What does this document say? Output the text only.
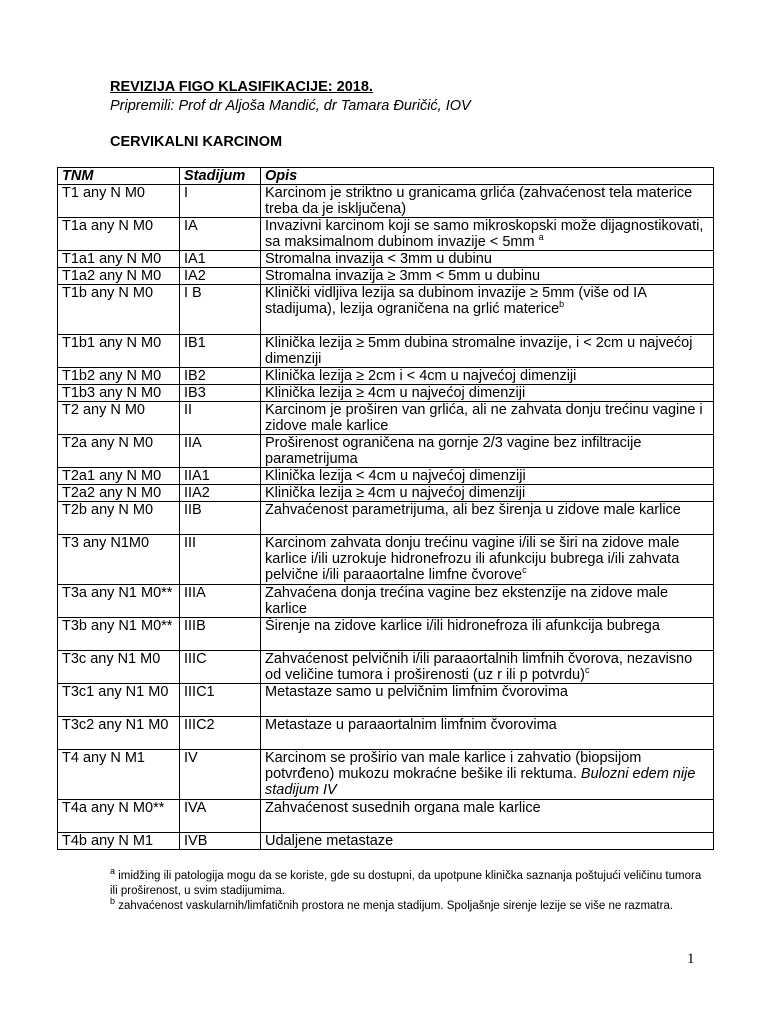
REVIZIJA FIGO KLASIFIKACIJE: 2018.
Pripremili: Prof dr Aljoša Mandić, dr Tamara Đuričić, IOV
CERVIKALNI KARCINOM
TNM	Stadijum	Opis
T1 any N M0	I	Karcinom je striktno u granicama grlića (zahvaćenost tela materice treba da je isključena)
T1a any N M0	IA	Invazivni karcinom koji se samo mikroskopski može dijagnostikovati, sa maksimalnom dubinom invazije < 5mm $^a$
T1a1 any N M0	IA1	Stromalna invazija < 3mm u dubinu
T1a2 any N M0	IA2	Stromalna invazija ≥ 3mm < 5mm u dubinu
T1b any N M0	I B	Klinički vidljiva lezija sa dubinom invazije ≥ 5mm (više od IA stadijuma), lezija ograničena na grlić materice$^b$
T1b1 any N M0	IB1	Klinička lezija ≥ 5mm dubina stromalne invazije, i < 2cm u najvećoj dimenziji
T1b2 any N M0	IB2	Klinička lezija ≥ 2cm i < 4cm u najvećoj dimenziji
T1b3 any N M0	IB3	Klinička lezija ≥ 4cm u najvećoj dimenziji
T2 any N M0	II	Karcinom je proširen van grlića, ali ne zahvata donju trećinu vagine i zidove male karlice
T2a any N M0	IIA	Proširenost ograničena na gornje 2/3 vagine bez infiltracije parametrijuma
T2a1 any N M0	IIA1	Klinička lezija < 4cm u najvećoj dimenziji
T2a2 any N M0	IIA2	Klinička lezija ≥ 4cm u najvećoj dimenziji
T2b any N M0	IIB	Zahvaćenost parametrijuma, ali bez širenja u zidove male karlice
T3 any N1M0	III	Karcinom zahvata donju trećinu vagine i/ili se širi na zidove male karlice i/ili uzrokuje hidronefrozu ili afunkciju bubrega i/ili zahvata pelvične i/ili paraaortalne limfne čvorove$^c$
T3a any N1 M0**	IIIA	Zahvaćena donja trećina vagine bez ekstenzije na zidove male karlice
T3b any N1 M0**	IIIB	Širenje na zidove karlice i/ili hidronefroza ili afunkcija bubrega
T3c any N1 M0	IIIC	Zahvaćenost pelvičnih i/ili paraaortalnih limfnih čvorova, nezavisno od veličine tumora i proširenosti (uz r ili p potvrdu)$^c$
T3c1 any N1 M0	IIIC1	Metastaze samo u pelvičnim limfnim čvorovima
T3c2 any N1 M0	IIIC2	Metastaze u paraaortalnim limfnim čvorovima
T4 any N M1	IV	Karcinom se proširio van male karlice i zahvatio (biopsijom potvrđeno) mukozu mokraćne bešike ili rektuma. Bulozni edem nije stadijum IV
T4a any N M0**	IVA	Zahvaćenost susednih organa male karlice
T4b any N M1	IVB	Udaljene metastaze

$^a$ imidžing ili patologija mogu da se koriste, gde su dostupni, da upotpune klinička saznanja poštujući veličinu tumora ili proširenost, u svim stadijumima.

$^b$ zahvaćenost vaskularnih/limfatičnih prostora ne menja stadijum. Spoljašnje sirenje lezije se više ne razmatra.

1
